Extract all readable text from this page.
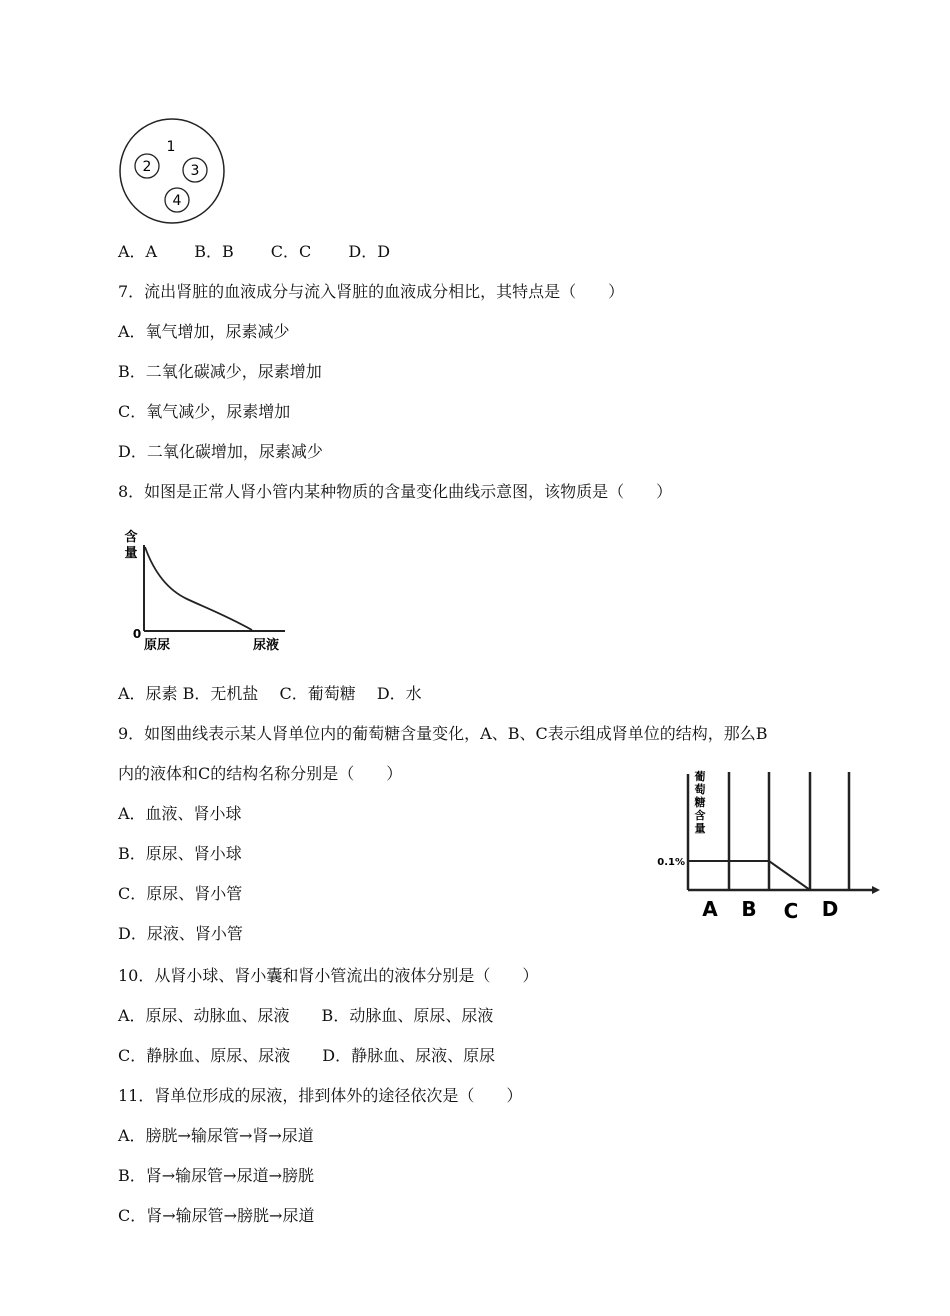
1
2	3
4
A．A　　 B．B　　 C．C　　 D．D
7．流出肾脏的血液成分与流入肾脏的血液成分相比，其特点是（　　）
A．氧气增加，尿素减少
B．二氧化碳减少，尿素增加
C．氧气减少，尿素增加
D．二氧化碳增加，尿素减少
8．如图是正常人肾小管内某种物质的含量变化曲线示意图，该物质是（　　）
含
量
0
原尿	尿液
A．尿素 B．无机盐　 C．葡萄糖　 D．水
9．如图曲线表示某人肾单位内的葡萄糖含量变化，A、B、C表示组成肾单位的结构，那么B
内的液体和C的结构名称分别是（　　）
A．血液、肾小球
B．原尿、肾小球
C．原尿、肾小管
D．尿液、肾小管
葡
萄
糖
含
量
0.1%
A B C D
10．从肾小球、肾小囊和肾小管流出的液体分别是（　　）
A．原尿、动脉血、尿液　　B．动脉血、原尿、尿液
C．静脉血、原尿、尿液　　D．静脉血、尿液、原尿
11．肾单位形成的尿液，排到体外的途径依次是（　　）
A．膀胱→输尿管→肾→尿道
B．肾→输尿管→尿道→膀胱
C．肾→输尿管→膀胱→尿道
